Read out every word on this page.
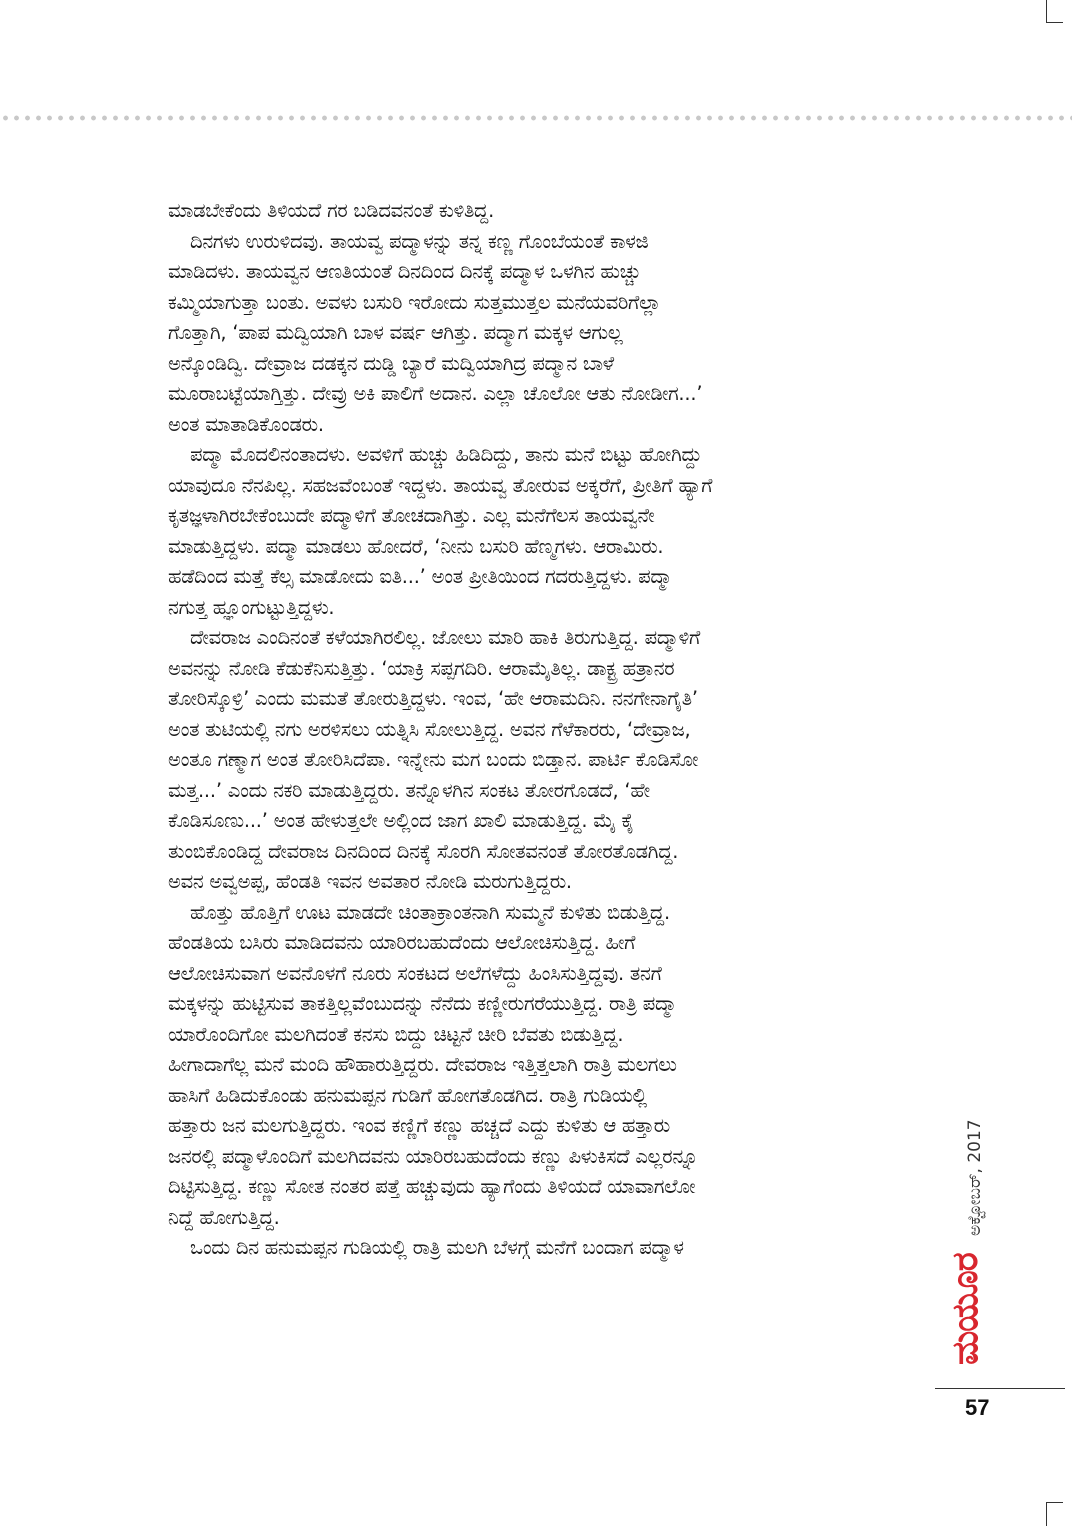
ಮಾಡಬೇಕೆಂದು ತಿಳಿಯದೆ ಗರ ಬಡಿದವನಂತೆ ಕುಳಿತಿದ್ದ.
ದಿನಗಳು ಉರುಳಿದವು. ತಾಯವ್ವ ಪದ್ಮಾಳನ್ನು ತನ್ನ ಕಣ್ಣ ಗೊಂಬೆಯಂತೆ ಕಾಳಜಿ
ಮಾಡಿದಳು. ತಾಯವ್ವನ ಆಣತಿಯಂತೆ ದಿನದಿಂದ ದಿನಕ್ಕೆ ಪದ್ಮಾಳ ಒಳಗಿನ ಹುಚ್ಚು
ಕಮ್ಮಿಯಾಗುತ್ತಾ ಬಂತು. ಅವಳು ಬಸುರಿ ಇರೋದು ಸುತ್ತಮುತ್ತಲ ಮನೆಯವರಿಗೆಲ್ಲಾ
ಗೊತ್ತಾಗಿ, ‘ಪಾಪ ಮದ್ವಿಯಾಗಿ ಬಾಳ ವರ್ಷ ಆಗಿತ್ತು. ಪದ್ಮಾಗ ಮಕ್ಕಳ ಆಗುಲ್ಲ
ಅನ್ಕೊಂಡಿದ್ವಿ. ದೇವ್ರಾಜ ದಡಕ್ಕನ ದುಡ್ಡಿ ಬ್ಯಾರೆ ಮದ್ವಿಯಾಗಿದ್ರ ಪದ್ಮಾನ ಬಾಳೆ
ಮೂರಾಬಟ್ಟೆಯಾಗ್ತಿತ್ತು. ದೇವ್ರು ಅಕಿ ಪಾಲಿಗೆ ಅದಾನ. ಎಲ್ಲಾ ಚೊಲೋ ಆತು ನೋಡೀಗ...’
ಅಂತ ಮಾತಾಡಿಕೊಂಡರು.
ಪದ್ಮಾ ಮೊದಲಿನಂತಾದಳು. ಅವಳಿಗೆ ಹುಚ್ಚು ಹಿಡಿದಿದ್ದು, ತಾನು ಮನೆ ಬಿಟ್ಟು ಹೋಗಿದ್ದು
ಯಾವುದೂ ನೆನಪಿಲ್ಲ. ಸಹಜವೆಂಬಂತೆ ಇದ್ದಳು. ತಾಯವ್ವ ತೋರುವ ಅಕ್ಕರೆಗೆ, ಪ್ರೀತಿಗೆ ಹ್ಯಾಗೆ
ಕೃತಜ್ಞಳಾಗಿರಬೇಕೆಂಬುದೇ ಪದ್ಮಾಳಿಗೆ ತೋಚದಾಗಿತ್ತು. ಎಲ್ಲ ಮನೆಗೆಲಸ ತಾಯವ್ವನೇ
ಮಾಡುತ್ತಿದ್ದಳು. ಪದ್ಮಾ ಮಾಡಲು ಹೋದರೆ, ‘ನೀನು ಬಸುರಿ ಹೆಣ್ಮಗಳು. ಆರಾಮಿರು.
ಹಡೆದಿಂದ ಮತ್ತೆ ಕೆಲ್ಸ ಮಾಡೋದು ಐತಿ...’ ಅಂತ ಪ್ರೀತಿಯಿಂದ ಗದರುತ್ತಿದ್ದಳು. ಪದ್ಮಾ
ನಗುತ್ತ ಹ್ಞೂಂಗುಟ್ಟುತ್ತಿದ್ದಳು.
ದೇವರಾಜ ಎಂದಿನಂತೆ ಕಳೆಯಾಗಿರಲಿಲ್ಲ. ಜೋಲು ಮಾರಿ ಹಾಕಿ ತಿರುಗುತ್ತಿದ್ದ. ಪದ್ಮಾಳಿಗೆ
ಅವನನ್ನು ನೋಡಿ ಕೆಡುಕೆನಿಸುತ್ತಿತ್ತು. ‘ಯಾಕ್ರಿ ಸಪ್ಪಗದಿರಿ. ಆರಾಮೈತಿಲ್ಲ. ಡಾಕ್ಟ್ರ ಹತ್ರಾನರ
ತೋರಿಸ್ಕೊಳ್ರಿ’ ಎಂದು ಮಮತೆ ತೋರುತ್ತಿದ್ದಳು. ಇಂವ, ‘ಹೇ ಆರಾಮದಿನಿ. ನನಗೇನಾಗೈತಿ’
ಅಂತ ತುಟಿಯಲ್ಲಿ ನಗು ಅರಳಿಸಲು ಯತ್ನಿಸಿ ಸೋಲುತ್ತಿದ್ದ. ಅವನ ಗೆಳೆಕಾರರು, ‘ದೇವ್ರಾಜ,
ಅಂತೂ ಗಣ್ಮಾಗ ಅಂತ ತೋರಿಸಿದೆಪಾ. ಇನ್ನೇನು ಮಗ ಬಂದು ಬಿಡ್ತಾನ. ಪಾರ್ಟಿ ಕೊಡಿಸೋ
ಮತ್ತ...’ ಎಂದು ನಕರಿ ಮಾಡುತ್ತಿದ್ದರು. ತನ್ನೊಳಗಿನ ಸಂಕಟ ತೋರಗೊಡದೆ, ‘ಹೇ
ಕೊಡಿಸೂಣು...’ ಅಂತ ಹೇಳುತ್ತಲೇ ಅಲ್ಲಿಂದ ಜಾಗ ಖಾಲಿ ಮಾಡುತ್ತಿದ್ದ. ಮೈ ಕೈ
ತುಂಬಿಕೊಂಡಿದ್ದ ದೇವರಾಜ ದಿನದಿಂದ ದಿನಕ್ಕೆ ಸೊರಗಿ ಸೋತವನಂತೆ ತೋರತೊಡಗಿದ್ದ.
ಅವನ ಅವ್ವಅಪ್ಪ, ಹೆಂಡತಿ ಇವನ ಅವತಾರ ನೋಡಿ ಮರುಗುತ್ತಿದ್ದರು.
ಹೊತ್ತು ಹೊತ್ತಿಗೆ ಊಟ ಮಾಡದೇ ಚಿಂತಾಕ್ರಾಂತನಾಗಿ ಸುಮ್ಮನೆ ಕುಳಿತು ಬಿಡುತ್ತಿದ್ದ.
ಹೆಂಡತಿಯ ಬಸಿರು ಮಾಡಿದವನು ಯಾರಿರಬಹುದೆಂದು ಆಲೋಚಿಸುತ್ತಿದ್ದ. ಹೀಗೆ
ಆಲೋಚಿಸುವಾಗ ಅವನೊಳಗೆ ನೂರು ಸಂಕಟದ ಅಲೆಗಳೆದ್ದು ಹಿಂಸಿಸುತ್ತಿದ್ದವು. ತನಗೆ
ಮಕ್ಕಳನ್ನು ಹುಟ್ಟಿಸುವ ತಾಕತ್ತಿಲ್ಲವೆಂಬುದನ್ನು ನೆನೆದು ಕಣ್ಣೀರುಗರೆಯುತ್ತಿದ್ದ. ರಾತ್ರಿ ಪದ್ಮಾ
ಯಾರೊಂದಿಗೋ ಮಲಗಿದಂತೆ ಕನಸು ಬಿದ್ದು ಚಿಟ್ಟನೆ ಚೀರಿ ಬೆವತು ಬಿಡುತ್ತಿದ್ದ.
ಹೀಗಾದಾಗೆಲ್ಲ ಮನೆ ಮಂದಿ ಹೌಹಾರುತ್ತಿದ್ದರು. ದೇವರಾಜ ಇತ್ತಿತ್ತಲಾಗಿ ರಾತ್ರಿ ಮಲಗಲು
ಹಾಸಿಗೆ ಹಿಡಿದುಕೊಂಡು ಹನುಮಪ್ಪನ ಗುಡಿಗೆ ಹೋಗತೊಡಗಿದ. ರಾತ್ರಿ ಗುಡಿಯಲ್ಲಿ
ಹತ್ತಾರು ಜನ ಮಲಗುತ್ತಿದ್ದರು. ಇಂವ ಕಣ್ಣಿಗೆ ಕಣ್ಣು ಹಚ್ಚದೆ ಎದ್ದು ಕುಳಿತು ಆ ಹತ್ತಾರು
ಜನರಲ್ಲಿ ಪದ್ಮಾಳೊಂದಿಗೆ ಮಲಗಿದವನು ಯಾರಿರಬಹುದೆಂದು ಕಣ್ಣು ಪಿಳುಕಿಸದೆ ಎಲ್ಲರನ್ನೂ
ದಿಟ್ಟಿಸುತ್ತಿದ್ದ. ಕಣ್ಣು ಸೋತ ನಂತರ ಪತ್ತೆ ಹಚ್ಚುವುದು ಹ್ಯಾಗೆಂದು ತಿಳಿಯದೆ ಯಾವಾಗಲೋ
ನಿದ್ದೆ ಹೋಗುತ್ತಿದ್ದ.
ಒಂದು ದಿನ ಹನುಮಪ್ಪನ ಗುಡಿಯಲ್ಲಿ ರಾತ್ರಿ ಮಲಗಿ ಬೆಳಗ್ಗೆ ಮನೆಗೆ ಬಂದಾಗ ಪದ್ಮಾಳ
ಅಕ್ಟೋಬರ್, 2017
ಮಯೂರ
57
